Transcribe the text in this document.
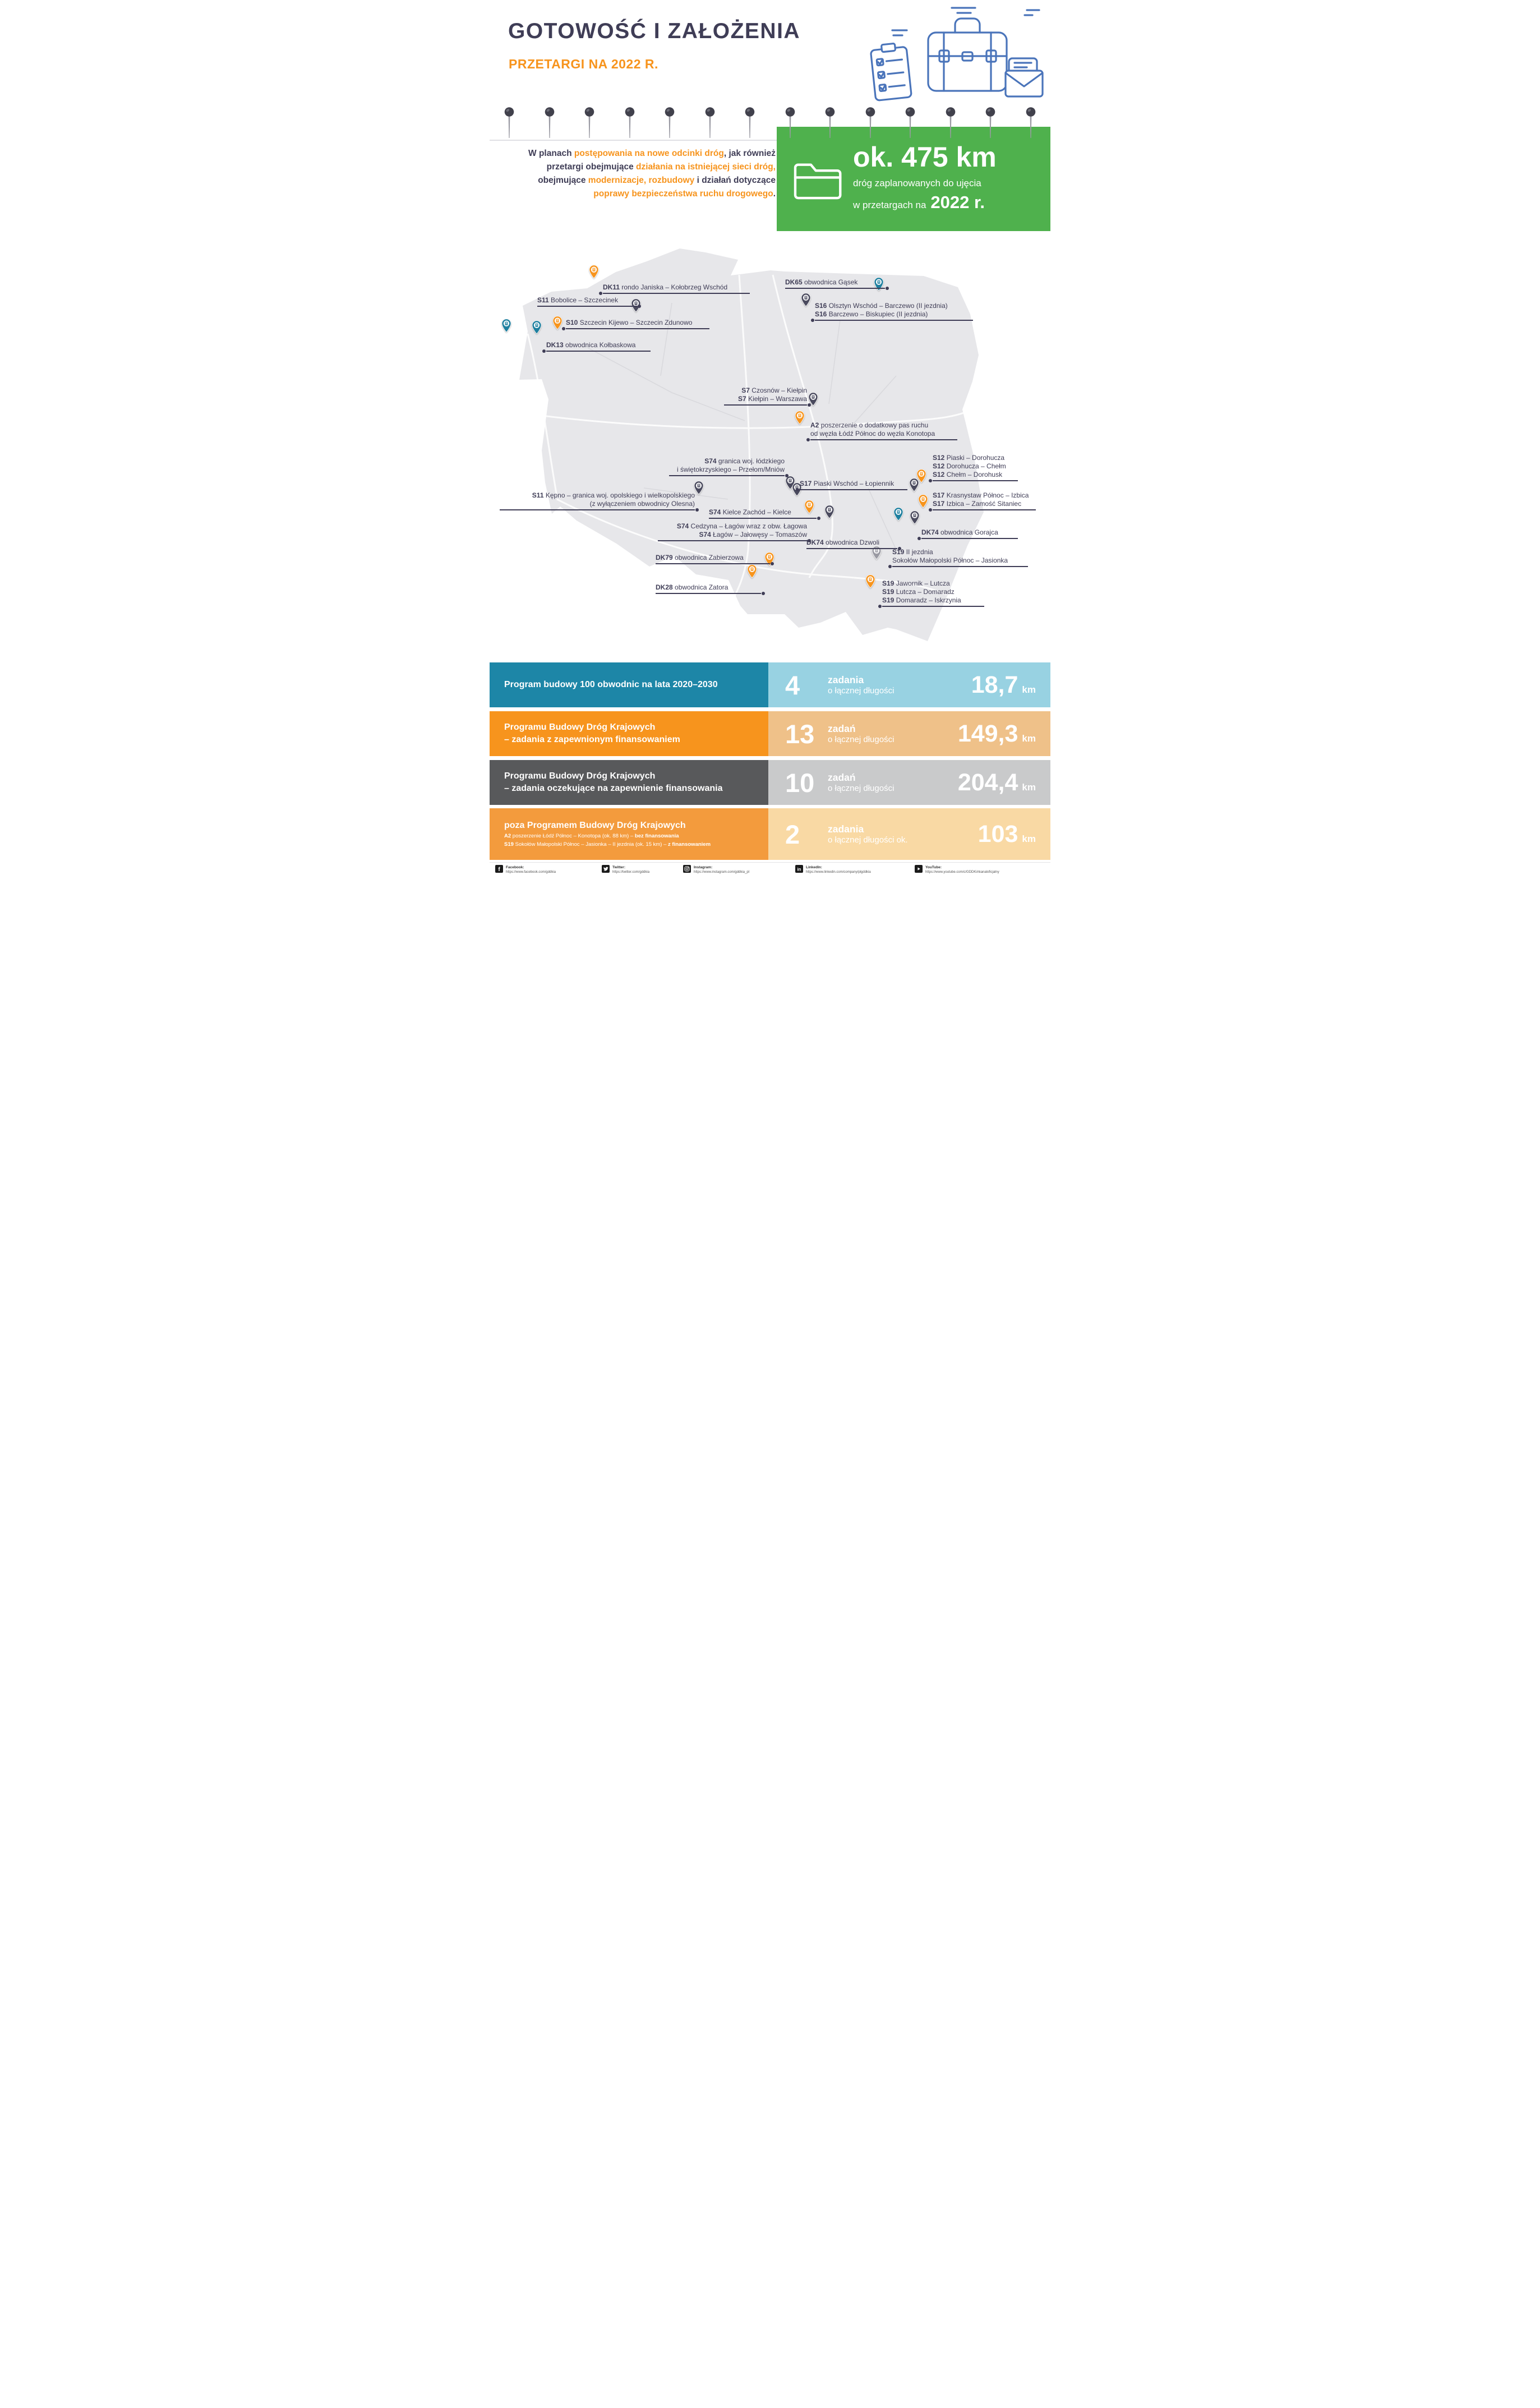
GOTOWOŚĆ I ZAŁOŻENIA
PRZETARGI NA 2022 R.

W planach postępowania na nowe odcinki dróg, jak również przetargi obejmujące działania na istniejącej sieci dróg, obejmujące modernizacje, rozbudowy i działań dotyczące poprawy bezpieczeństwa ruchu drogowego.

ok. 475 km
dróg zaplanowanych do ujęcia
w przetargach na 2022 r.
DK11 rondo Janiska – Kołobrzeg Wschód
S11 Bobolice – Szczecinek
S10 Szczecin Kijewo – Szczecin Zdunowo
DK13 obwodnica Kołbaskowa
DK65 obwodnica Gąsek
S16 Olsztyn Wschód – Barczewo (II jezdnia)
S16 Barczewo – Biskupiec (II jezdnia)
S7 Czosnów – Kiełpin
S7 Kiełpin – Warszawa
A2 poszerzenie o dodatkowy pas ruchu
od węzła Łódź Północ do węzła Konotopa
S74 granica woj. łódzkiego
i świętokrzyskiego – Przełom/Mniów
S17 Piaski Wschód – Łopiennik
S12 Piaski – Dorohucza
S12 Dorohucza – Chełm
S12 Chełm – Dorohusk
S17 Krasnystaw Północ – Izbica
S17 Izbica – Zamość Sitaniec
S11 Kępno – granica woj. opolskiego i wielkopolskiego
(z wyłączeniem obwodnicy Olesna)
S74 Kielce Zachód – Kielce
S74 Cedzyna – Łagów wraz z obw. Łagowa
S74 Łagów – Jałowęsy – Tomaszów
DK74 obwodnica Dzwoli
DK74 obwodnica Gorajca
S19 II jezdnia
Sokołów Małopolski Północ – Jasionka
DK79 obwodnica Zabierzowa
DK28 obwodnica Zatora	S19 Jawornik – Lutcza
S19 Lutcza – Domaradz
S19 Domaradz – Iskrzynia
Program budowy 100 obwodnic na lata 2020–2030	4	zadania
o łącznej długości	18,7 km
Programu Budowy Dróg Krajowych
– zadania z zapewnionym finansowaniem	13	zadań
o łącznej długości	149,3 km
Programu Budowy Dróg Krajowych
– zadania oczekujące na zapewnienie finansowania	10	zadań
o łącznej długości	204,4 km
poza Programem Budowy Dróg Krajowych
A2 poszerzenie Łódź Północ – Konotopa (ok. 88 km) – bez finansowania
S19 Sokołów Małopolski Północ – Jasionka – II jezdnia (ok. 15 km) – z finansowaniem	2	zadania
o łącznej długości ok.	103 km
f Facebook:
https://www.facebook.com/gddkia
Twitter:
https://twitter.com/gddkia
Instagram:
https://www.instagram.com/gddkia_pl
in LinkedIn:
https://www.linkedin.com/company/plgddkia
YouTube:
https://www.youtube.com/c/GDDKiAkanaloficjalny
